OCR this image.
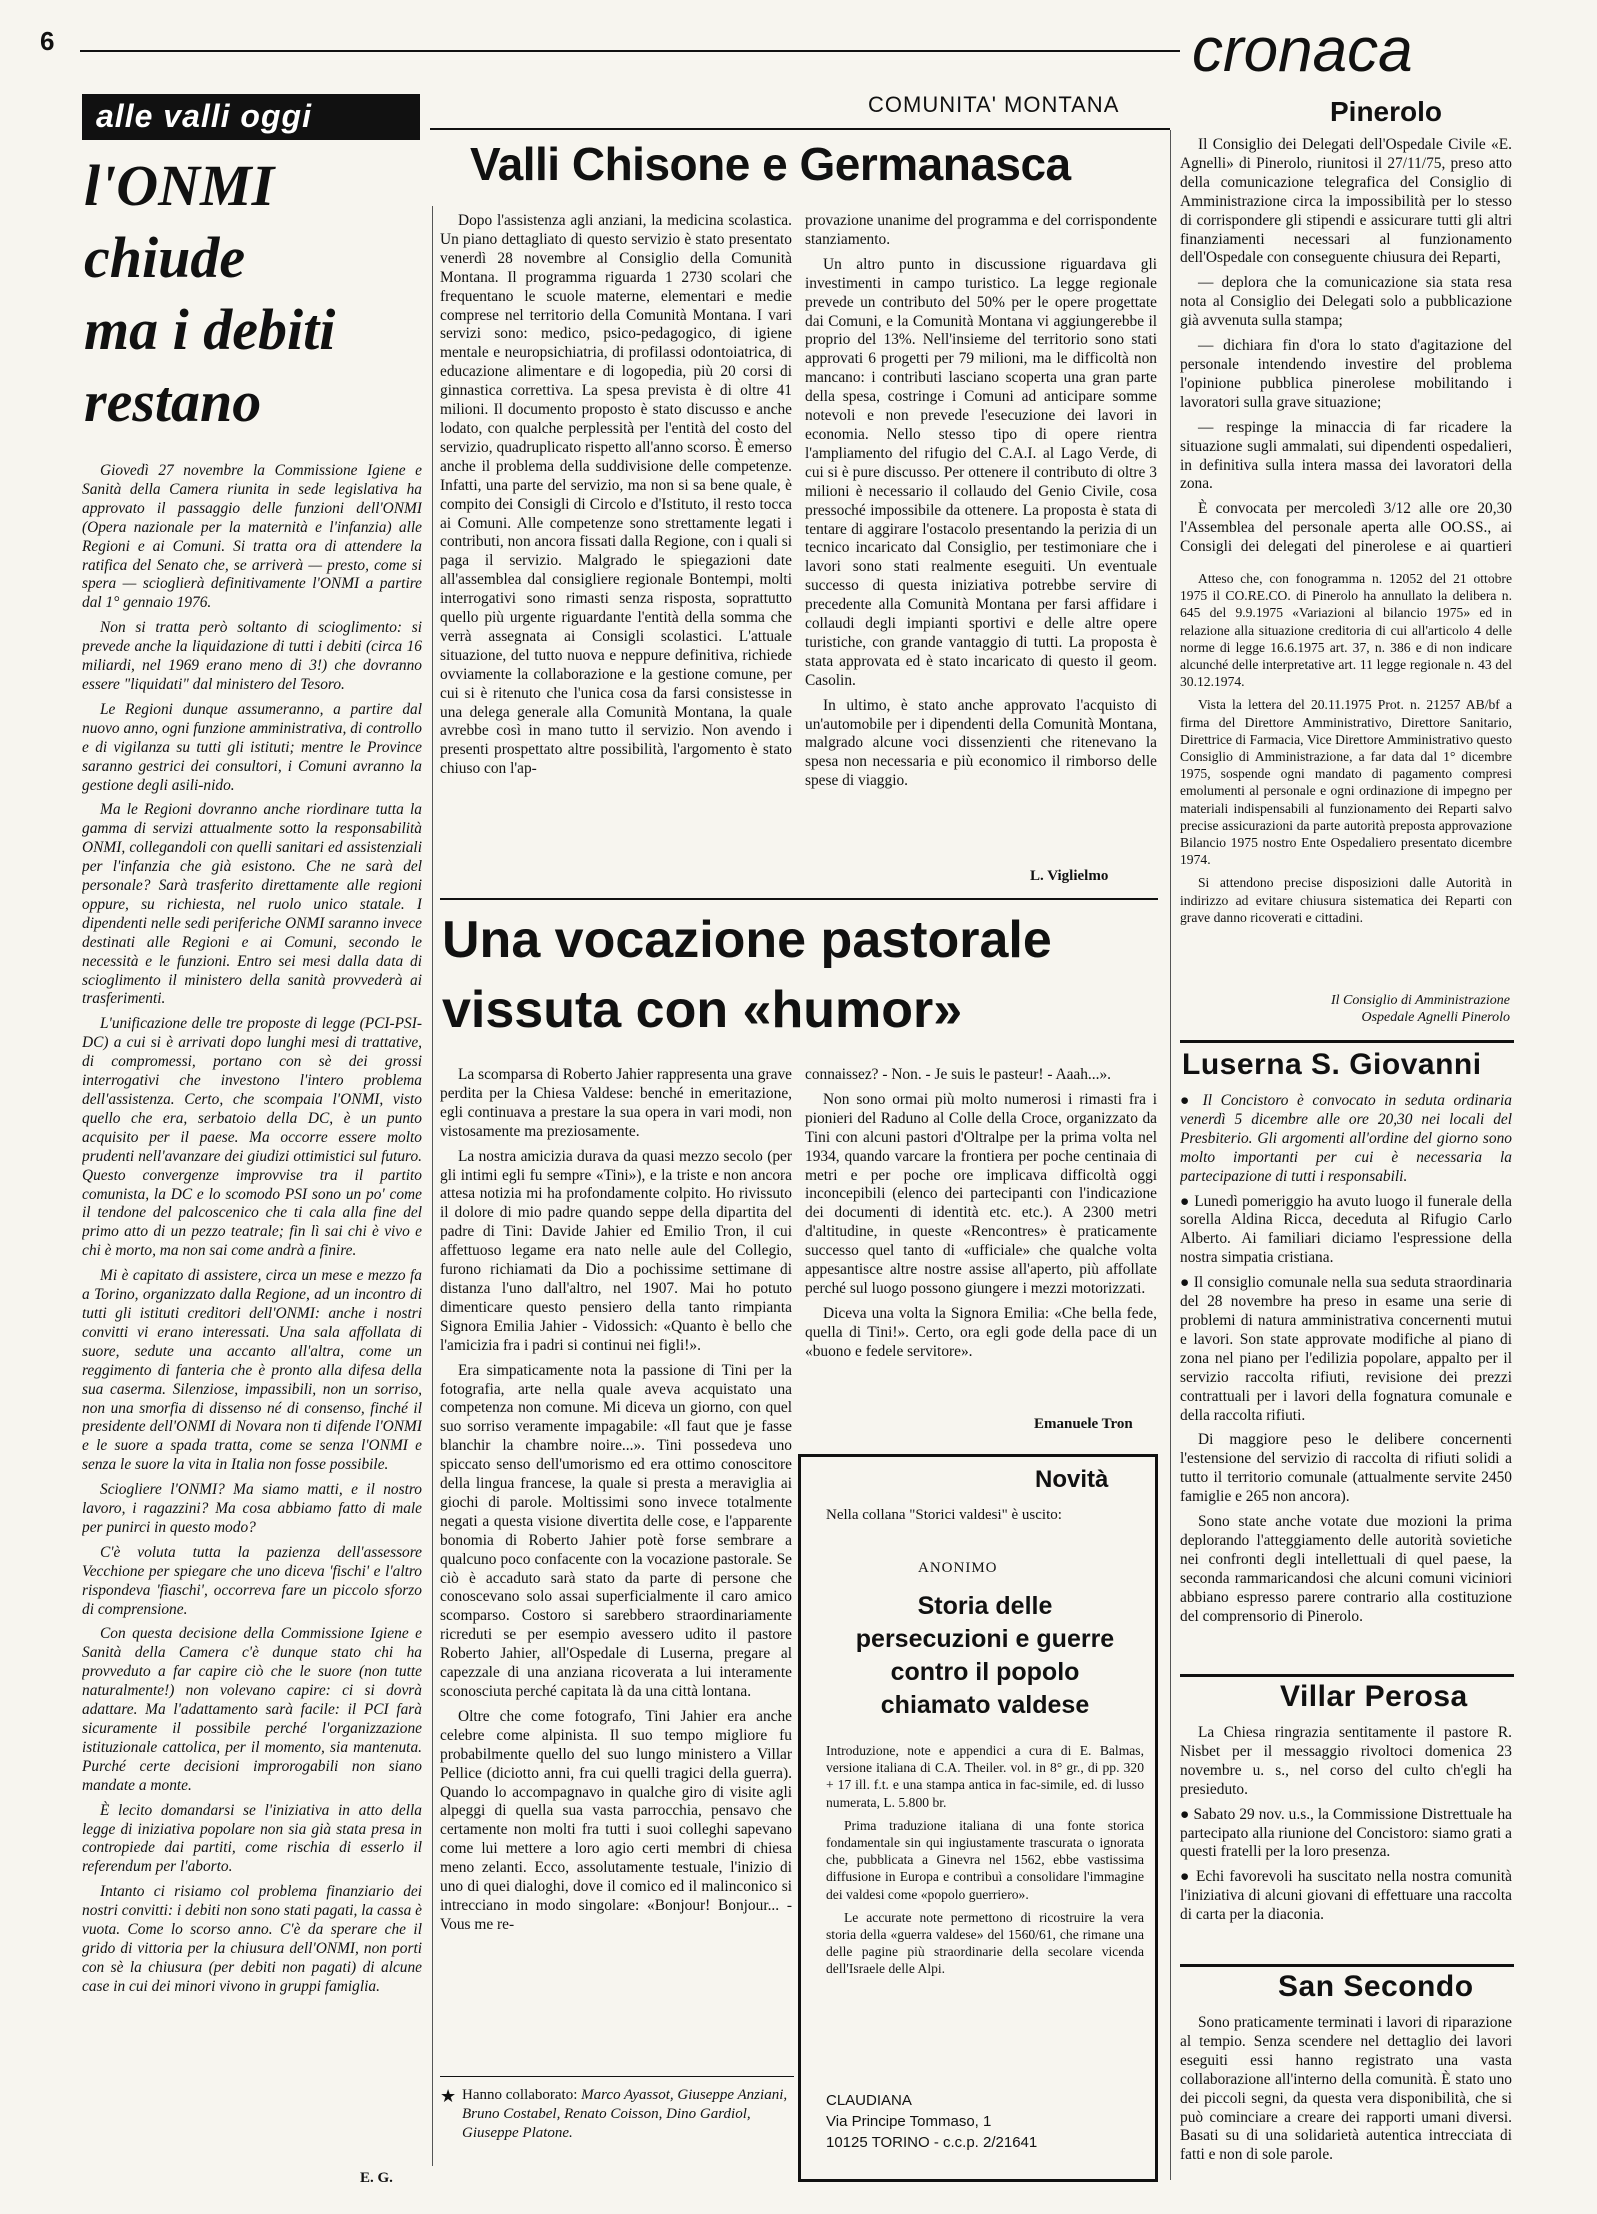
6	cronaca
Pinerolo
COMUNITA' MONTANA
alle valli oggi
l'ONMI
chiude
ma i debiti
restano

Giovedì 27 novembre la Commissione Igiene e Sanità della Camera riunita in sede legislativa ha approvato il passaggio delle funzioni dell'ONMI (Opera nazionale per la maternità e l'infanzia) alle Regioni e ai Comuni. Si tratta ora di attendere la ratifica del Senato che, se arriverà — presto, come si spera — scioglierà definitivamente l'ONMI a partire dal 1° gennaio 1976.

Non si tratta però soltanto di scioglimento: si prevede anche la liquidazione di tutti i debiti (circa 16 miliardi, nel 1969 erano meno di 3!) che dovranno essere "liquidati" dal ministero del Tesoro.

Le Regioni dunque assumeranno, a partire dal nuovo anno, ogni funzione amministrativa, di controllo e di vigilanza su tutti gli istituti; mentre le Province saranno gestrici dei consultori, i Comuni avranno la gestione degli asili-nido.

Ma le Regioni dovranno anche riordinare tutta la gamma di servizi attualmente sotto la responsabilità ONMI, collegandoli con quelli sanitari ed assistenziali per l'infanzia che già esistono. Che ne sarà del personale? Sarà trasferito direttamente alle regioni oppure, su richiesta, nel ruolo unico statale. I dipendenti nelle sedi periferiche ONMI saranno invece destinati alle Regioni e ai Comuni, secondo le necessità e le funzioni. Entro sei mesi dalla data di scioglimento il ministero della sanità provvederà ai trasferimenti.

L'unificazione delle tre proposte di legge (PCI-PSI-DC) a cui si è arrivati dopo lunghi mesi di trattative, di compromessi, portano con sè dei grossi interrogativi che investono l'intero problema dell'assistenza. Certo, che scompaia l'ONMI, visto quello che era, serbatoio della DC, è un punto acquisito per il paese. Ma occorre essere molto prudenti nell'avanzare dei giudizi ottimistici sul futuro. Questo convergenze improvvise tra il partito comunista, la DC e lo scomodo PSI sono un po' come il tendone del palcoscenico che ti cala alla fine del primo atto di un pezzo teatrale; fin lì sai chi è vivo e chi è morto, ma non sai come andrà a finire.

Mi è capitato di assistere, circa un mese e mezzo fa a Torino, organizzato dalla Regione, ad un incontro di tutti gli istituti creditori dell'ONMI: anche i nostri convitti vi erano interessati. Una sala affollata di suore, sedute una accanto all'altra, come un reggimento di fanteria che è pronto alla difesa della sua caserma. Silenziose, impassibili, non un sorriso, non una smorfia di dissenso né di consenso, finché il presidente dell'ONMI di Novara non ti difende l'ONMI e le suore a spada tratta, come se senza l'ONMI e senza le suore la vita in Italia non fosse possibile.

Sciogliere l'ONMI? Ma siamo matti, e il nostro lavoro, i ragazzini? Ma cosa abbiamo fatto di male per punirci in questo modo?

C'è voluta tutta la pazienza dell'assessore Vecchione per spiegare che uno diceva 'fischi' e l'altro rispondeva 'fiaschi', occorreva fare un piccolo sforzo di comprensione.

Con questa decisione della Commissione Igiene e Sanità della Camera c'è dunque stato chi ha provveduto a far capire ciò che le suore (non tutte naturalmente!) non volevano capire: ci si dovrà adattare. Ma l'adattamento sarà facile: il PCI farà sicuramente il possibile perché l'organizzazione istituzionale cattolica, per il momento, sia mantenuta. Purché certe decisioni improrogabili non siano mandate a monte.

È lecito domandarsi se l'iniziativa in atto della legge di iniziativa popolare non sia già stata presa in contropiede dai partiti, come rischia di esserlo il referendum per l'aborto.

Intanto ci risiamo col problema finanziario dei nostri convitti: i debiti non sono stati pagati, la cassa è vuota. Come lo scorso anno. C'è da sperare che il grido di vittoria per la chiusura dell'ONMI, non porti con sè la chiusura (per debiti non pagati) di alcune case in cui dei minori vivono in gruppi famiglia.

E. G.
Valli Chisone e Germanasca

Dopo l'assistenza agli anziani, la medicina scolastica. Un piano dettagliato di questo servizio è stato presentato venerdì 28 novembre al Consiglio della Comunità Montana. Il programma riguarda 1 2730 scolari che frequentano le scuole materne, elementari e medie comprese nel territorio della Comunità Montana. I vari servizi sono: medico, psico-pedagogico, di igiene mentale e neuropsichiatria, di profilassi odontoiatrica, di educazione alimentare e di logopedia, più 20 corsi di ginnastica correttiva. La spesa prevista è di oltre 41 milioni. Il documento proposto è stato discusso e anche lodato, con qualche perplessità per l'entità del costo del servizio, quadruplicato rispetto all'anno scorso. È emerso anche il problema della suddivisione delle competenze. Infatti, una parte del servizio, ma non si sa bene quale, è compito dei Consigli di Circolo e d'Istituto, il resto tocca ai Comuni. Alle competenze sono strettamente legati i contributi, non ancora fissati dalla Regione, con i quali si paga il servizio. Malgrado le spiegazioni date all'assemblea dal consigliere regionale Bontempi, molti interrogativi sono rimasti senza risposta, soprattutto quello più urgente riguardante l'entità della somma che verrà assegnata ai Consigli scolastici. L'attuale situazione, del tutto nuova e neppure definitiva, richiede ovviamente la collaborazione e la gestione comune, per cui si è ritenuto che l'unica cosa da farsi consistesse in una delega generale alla Comunità Montana, la quale avrebbe così in mano tutto il servizio. Non avendo i presenti prospettato altre possibilità, l'argomento è stato chiuso con l'ap-

provazione unanime del programma e del corrispondente stanziamento.

Un altro punto in discussione riguardava gli investimenti in campo turistico. La legge regionale prevede un contributo del 50% per le opere progettate dai Comuni, e la Comunità Montana vi aggiungerebbe il proprio del 13%. Nell'insieme del territorio sono stati approvati 6 progetti per 79 milioni, ma le difficoltà non mancano: i contributi lasciano scoperta una gran parte della spesa, costringe i Comuni ad anticipare somme notevoli e non prevede l'esecuzione dei lavori in economia. Nello stesso tipo di opere rientra l'ampliamento del rifugio del C.A.I. al Lago Verde, di cui si è pure discusso. Per ottenere il contributo di oltre 3 milioni è necessario il collaudo del Genio Civile, cosa pressoché impossibile da ottenere. La proposta è stata di tentare di aggirare l'ostacolo presentando la perizia di un tecnico incaricato dal Consiglio, per testimoniare che i lavori sono stati realmente eseguiti. Un eventuale successo di questa iniziativa potrebbe servire di precedente alla Comunità Montana per farsi affidare i collaudi degli impianti sportivi e delle altre opere turistiche, con grande vantaggio di tutti. La proposta è stata approvata ed è stato incaricato di questo il geom. Casolin.

In ultimo, è stato anche approvato l'acquisto di un'automobile per i dipendenti della Comunità Montana, malgrado alcune voci dissenzienti che ritenevano la spesa non necessaria e più economico il rimborso delle spese di viaggio.

L. Viglielmo
Una vocazione pastorale
vissuta con «humor»

La scomparsa di Roberto Jahier rappresenta una grave perdita per la Chiesa Valdese: benché in emeritazione, egli continuava a prestare la sua opera in vari modi, non vistosamente ma preziosamente.

La nostra amicizia durava da quasi mezzo secolo (per gli intimi egli fu sempre «Tini»), e la triste e non ancora attesa notizia mi ha profondamente colpito. Ho rivissuto il dolore di mio padre quando seppe della dipartita del padre di Tini: Davide Jahier ed Emilio Tron, il cui affettuoso legame era nato nelle aule del Collegio, furono richiamati da Dio a pochissime settimane di distanza l'uno dall'altro, nel 1907. Mai ho potuto dimenticare questo pensiero della tanto rimpianta Signora Emilia Jahier - Vidossich: «Quanto è bello che l'amicizia fra i padri si continui nei figli!».

Era simpaticamente nota la passione di Tini per la fotografia, arte nella quale aveva acquistato una competenza non comune. Mi diceva un giorno, con quel suo sorriso veramente impagabile: «Il faut que je fasse blanchir la chambre noire...». Tini possedeva uno spiccato senso dell'umorismo ed era ottimo conoscitore della lingua francese, la quale si presta a meraviglia ai giochi di parole. Moltissimi sono invece totalmente negati a questa visione divertita delle cose, e l'apparente bonomia di Roberto Jahier potè forse sembrare a qualcuno poco confacente con la vocazione pastorale. Se ciò è accaduto sarà stato da parte di persone che conoscevano solo assai superficialmente il caro amico scomparso. Costoro si sarebbero straordinariamente ricreduti se per esempio avessero udito il pastore Roberto Jahier, all'Ospedale di Luserna, pregare al capezzale di una anziana ricoverata a lui interamente sconosciuta perché capitata là da una città lontana.

Oltre che come fotografo, Tini Jahier era anche celebre come alpinista. Il suo tempo migliore fu probabilmente quello del suo lungo ministero a Villar Pellice (diciotto anni, fra cui quelli tragici della guerra). Quando lo accompagnavo in qualche giro di visite agli alpeggi di quella sua vasta parrocchia, pensavo che certamente non molti fra tutti i suoi colleghi sapevano come lui mettere a loro agio certi membri di chiesa meno zelanti. Ecco, assolutamente testuale, l'inizio di uno di quei dialoghi, dove il comico ed il malinconico si intrecciano in modo singolare: «Bonjour! Bonjour... - Vous me re-

connaissez? - Non. - Je suis le pasteur! - Aaah...».

Non sono ormai più molto numerosi i rimasti fra i pionieri del Raduno al Colle della Croce, organizzato da Tini con alcuni pastori d'Oltralpe per la prima volta nel 1934, quando varcare la frontiera per poche centinaia di metri e per poche ore implicava difficoltà oggi inconcepibili (elenco dei partecipanti con l'indicazione dei documenti di identità etc. etc.). A 2300 metri d'altitudine, in queste «Rencontres» è praticamente successo quel tanto di «ufficiale» che qualche volta appesantisce altre nostre assise all'aperto, più affollate perché sul luogo possono giungere i mezzi motorizzati.

Diceva una volta la Signora Emilia: «Che bella fede, quella di Tini!». Certo, ora egli gode della pace di un «buono e fedele servitore».

Emanuele Tron
★ Hanno collaborato: Marco Ayassot, Giuseppe Anziani, Bruno Costabel, Renato Coisson, Dino Gardiol, Giuseppe Platone.
Novità
Nella collana "Storici valdesi" è uscito:
ANONIMO
Storia delle persecuzioni e guerre contro il popolo chiamato valdese

Introduzione, note e appendici a cura di E. Balmas, versione italiana di C.A. Theiler. vol. in 8° gr., di pp. 320 + 17 ill. f.t. e una stampa antica in fac-simile, ed. di lusso numerata, L. 5.800 br.

Prima traduzione italiana di una fonte storica fondamentale sin qui ingiustamente trascurata o ignorata che, pubblicata a Ginevra nel 1562, ebbe vastissima diffusione in Europa e contribuì a consolidare l'immagine dei valdesi come «popolo guerriero».

Le accurate note permettono di ricostruire la vera storia della «guerra valdese» del 1560/61, che rimane una delle pagine più straordinarie della secolare vicenda dell'Israele delle Alpi.

CLAUDIANA
Via Principe Tommaso, 1
10125 TORINO - c.c.p. 2/21641

Il Consiglio dei Delegati dell'Ospedale Civile «E. Agnelli» di Pinerolo, riunitosi il 27/11/75, preso atto della comunicazione telegrafica del Consiglio di Amministrazione circa la impossibilità per lo stesso di corrispondere gli stipendi e assicurare tutti gli altri finanziamenti necessari al funzionamento dell'Ospedale con conseguente chiusura dei Reparti,

— deplora che la comunicazione sia stata resa nota al Consiglio dei Delegati solo a pubblicazione già avvenuta sulla stampa;

— dichiara fin d'ora lo stato d'agitazione del personale intendendo investire del problema l'opinione pubblica pinerolese mobilitando i lavoratori sulla grave situazione;

— respinge la minaccia di far ricadere la situazione sugli ammalati, sui dipendenti ospedalieri, in definitiva sulla intera massa dei lavoratori della zona.

È convocata per mercoledì 3/12 alle ore 20,30 l'Assemblea del personale aperta alle OO.SS., ai Consigli dei delegati del pinerolese e ai quartieri

Atteso che, con fonogramma n. 12052 del 21 ottobre 1975 il CO.RE.CO. di Pinerolo ha annullato la delibera n. 645 del 9.9.1975 «Variazioni al bilancio 1975» ed in relazione alla situazione creditoria di cui all'articolo 4 delle norme di legge 16.6.1975 art. 37, n. 386 e di non indicare alcunché delle interpretative art. 11 legge regionale n. 43 del 30.12.1974.

Vista la lettera del 20.11.1975 Prot. n. 21257 AB/bf a firma del Direttore Amministrativo, Direttore Sanitario, Direttrice di Farmacia, Vice Direttore Amministrativo questo Consiglio di Amministrazione, a far data dal 1° dicembre 1975, sospende ogni mandato di pagamento compresi emolumenti al personale e ogni ordinazione di impegno per materiali indispensabili al funzionamento dei Reparti salvo precise assicurazioni da parte autorità preposta approvazione Bilancio 1975 nostro Ente Ospedaliero presentato dicembre 1974.

Si attendono precise disposizioni dalle Autorità in indirizzo ad evitare chiusura sistematica dei Reparti con grave danno ricoverati e cittadini.

Il Consiglio di Amministrazione
Ospedale Agnelli Pinerolo
Luserna S. Giovanni

● Il Concistoro è convocato in seduta ordinaria venerdì 5 dicembre alle ore 20,30 nei locali del Presbiterio. Gli argomenti all'ordine del giorno sono molto importanti per cui è necessaria la partecipazione di tutti i responsabili.

● Lunedì pomeriggio ha avuto luogo il funerale della sorella Aldina Ricca, deceduta al Rifugio Carlo Alberto. Ai familiari diciamo l'espressione della nostra simpatia cristiana.

● Il consiglio comunale nella sua seduta straordinaria del 28 novembre ha preso in esame una serie di problemi di natura amministrativa concernenti mutui e lavori. Son state approvate modifiche al piano di zona nel piano per l'edilizia popolare, appalto per il servizio raccolta rifiuti, revisione dei prezzi contrattuali per i lavori della fognatura comunale e della raccolta rifiuti.

Di maggiore peso le delibere concernenti l'estensione del servizio di raccolta di rifiuti solidi a tutto il territorio comunale (attualmente servite 2450 famiglie e 265 non ancora).

Sono state anche votate due mozioni la prima deplorando l'atteggiamento delle autorità sovietiche nei confronti degli intellettuali di quel paese, la seconda rammaricandosi che alcuni comuni viciniori abbiano espresso parere contrario alla costituzione del comprensorio di Pinerolo.

Villar Perosa

La Chiesa ringrazia sentitamente il pastore R. Nisbet per il messaggio rivoltoci domenica 23 novembre u. s., nel corso del culto ch'egli ha presieduto.

● Sabato 29 nov. u.s., la Commissione Distrettuale ha partecipato alla riunione del Concistoro: siamo grati a questi fratelli per la loro presenza.

● Echi favorevoli ha suscitato nella nostra comunità l'iniziativa di alcuni giovani di effettuare una raccolta di carta per la diaconia.

San Secondo

Sono praticamente terminati i lavori di riparazione al tempio. Senza scendere nel dettaglio dei lavori eseguiti essi hanno registrato una vasta collaborazione all'interno della comunità. È stato uno dei piccoli segni, da questa vera disponibilità, che si può cominciare a creare dei rapporti umani diversi. Basati su di una solidarietà autentica intrecciata di fatti e non di sole parole.
